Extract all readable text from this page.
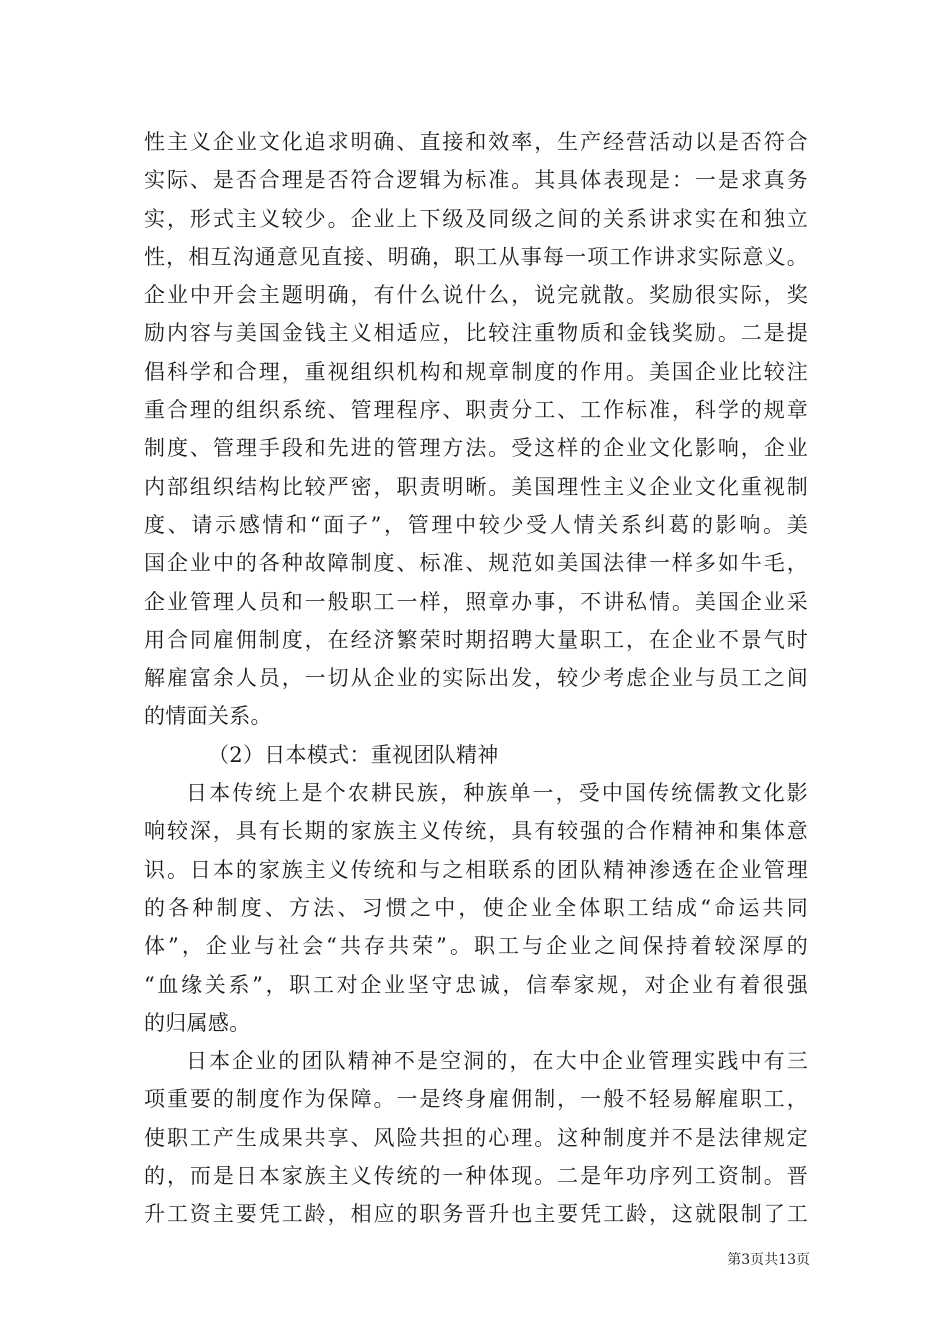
性主义企业文化追求明确、直接和效率，生产经营活动以是否符合
实际、是否合理是否符合逻辑为标准。其具体表现是：一是求真务
实，形式主义较少。企业上下级及同级之间的关系讲求实在和独立
性，相互沟通意见直接、明确，职工从事每一项工作讲求实际意义。
企业中开会主题明确，有什么说什么，说完就散。奖励很实际，奖
励内容与美国金钱主义相适应，比较注重物质和金钱奖励。二是提
倡科学和合理，重视组织机构和规章制度的作用。美国企业比较注
重合理的组织系统、管理程序、职责分工、工作标准，科学的规章
制度、管理手段和先进的管理方法。受这样的企业文化影响，企业
内部组织结构比较严密，职责明晰。美国理性主义企业文化重视制
度、请示感情和“面子”，管理中较少受人情关系纠葛的影响。美
国企业中的各种故障制度、标准、规范如美国法律一样多如牛毛，
企业管理人员和一般职工一样，照章办事，不讲私情。美国企业采
用合同雇佣制度，在经济繁荣时期招聘大量职工，在企业不景气时
解雇富余人员，一切从企业的实际出发，较少考虑企业与员工之间
的情面关系。
（2）日本模式：重视团队精神
日本传统上是个农耕民族，种族单一，受中国传统儒教文化影
响较深，具有长期的家族主义传统，具有较强的合作精神和集体意
识。日本的家族主义传统和与之相联系的团队精神渗透在企业管理
的各种制度、方法、习惯之中，使企业全体职工结成“命运共同
体”，企业与社会“共存共荣”。职工与企业之间保持着较深厚的
“血缘关系”，职工对企业坚守忠诚，信奉家规，对企业有着很强
的归属感。
日本企业的团队精神不是空洞的，在大中企业管理实践中有三
项重要的制度作为保障。一是终身雇佣制，一般不轻易解雇职工，
使职工产生成果共享、风险共担的心理。这种制度并不是法律规定
的，而是日本家族主义传统的一种体现。二是年功序列工资制。晋
升工资主要凭工龄，相应的职务晋升也主要凭工龄，这就限制了工
第3页共13页
